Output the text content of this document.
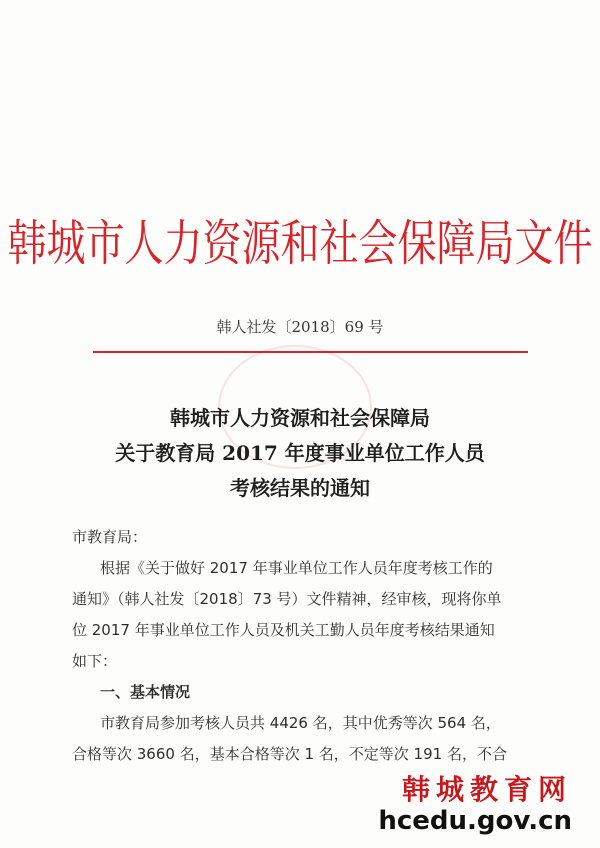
韩城市人力资源和社会保障局文件
韩人社发〔2018〕69 号
韩城市人力资源和社会保障局
关于教育局 2017 年度事业单位工作人员
考核结果的通知
市教育局：
根据《关于做好 2017 年事业单位工作人员年度考核工作的
通知》（韩人社发〔2018〕73 号）文件精神，经审核，现将你单
位 2017 年事业单位工作人员及机关工勤人员年度考核结果通知
如下：
一、基本情况
市教育局参加考核人员共 4426 名，其中优秀等次 564 名，
合格等次 3660 名，基本合格等次 1 名，不定等次 191 名，不合
韩城教育网
hcedu.gov.cn
